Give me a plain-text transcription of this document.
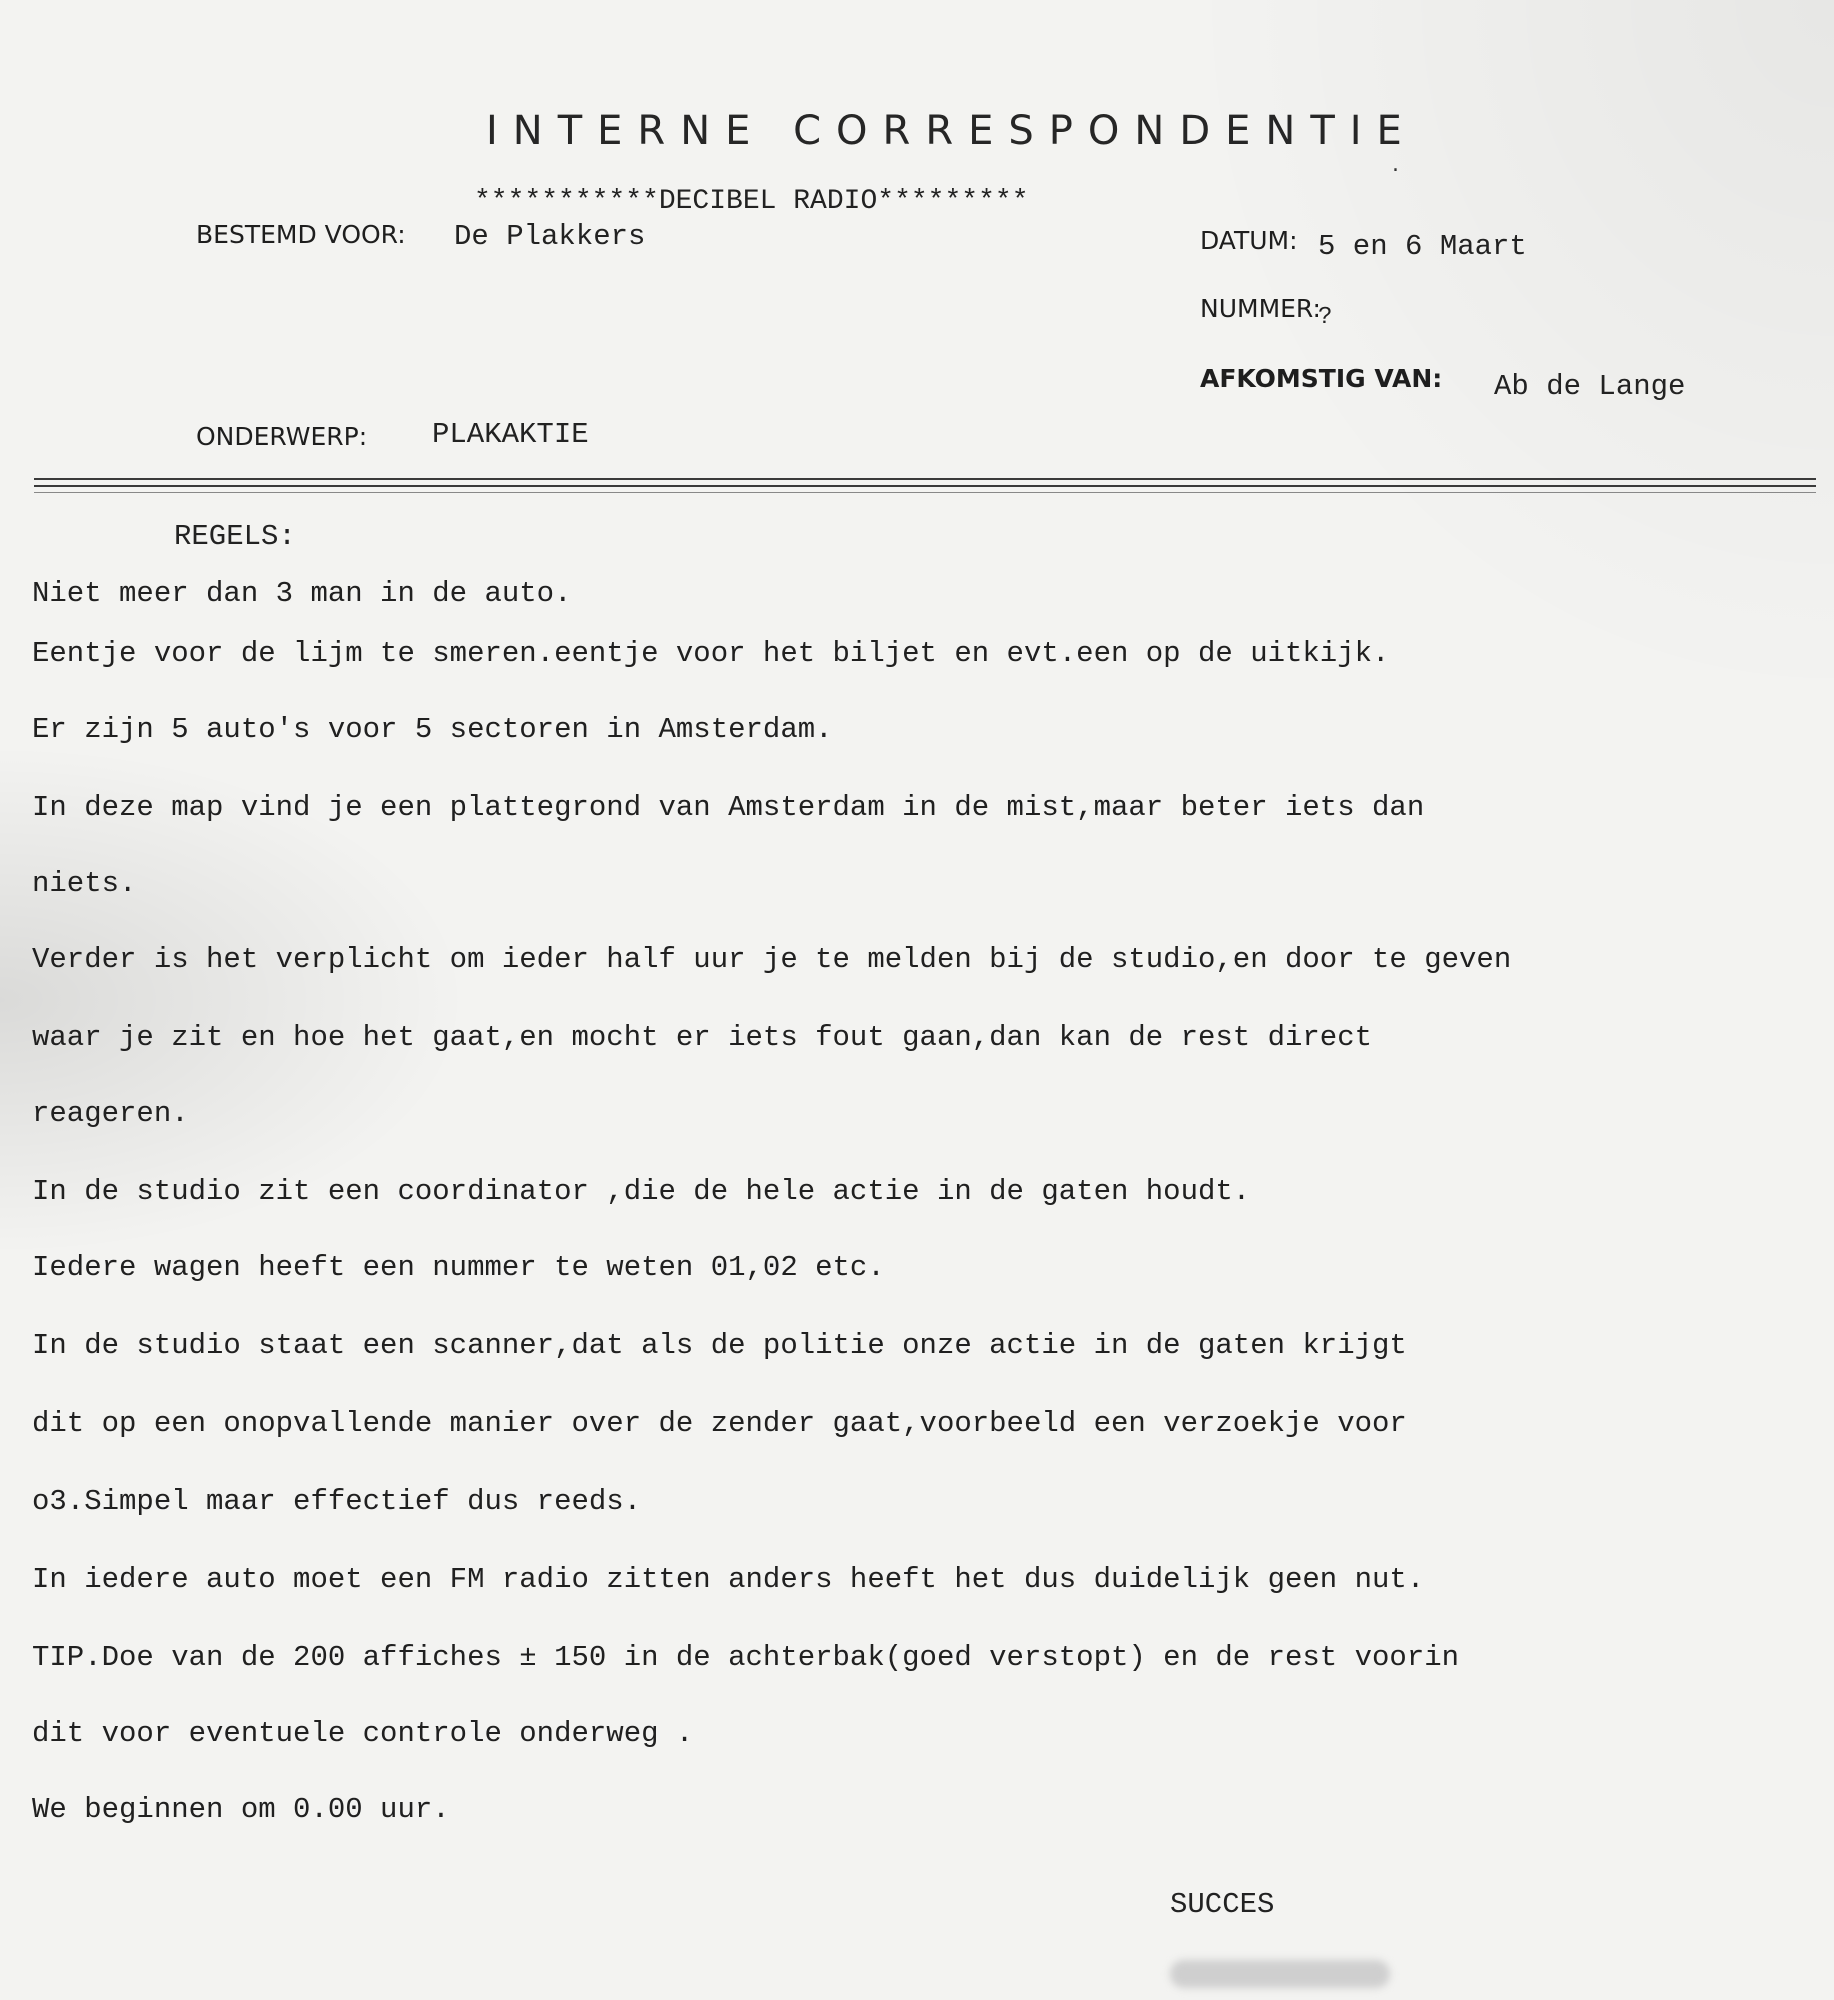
INTERNE CORRESPONDENTIE
.
***********DECIBEL RADIO*********
BESTEMD VOOR: De Plakkers	DATUM: 5 en 6 Maart
NUMMER:
?
AFKOMSTIG VAN: Ab de Lange
ONDERWERP: PLAKAKTIE
REGELS:
Niet meer dan 3 man in de auto.
Eentje voor de lijm te smeren.eentje voor het biljet en evt.een op de uitkijk.
Er zijn 5 auto's voor 5 sectoren in Amsterdam.
In deze map vind je een plattegrond van Amsterdam in de mist,maar beter iets dan
niets.
Verder is het verplicht om ieder half uur je te melden bij de studio,en door te geven
waar je zit en hoe het gaat,en mocht er iets fout gaan,dan kan de rest direct
reageren.
In de studio zit een coordinator ,die de hele actie in de gaten houdt.
Iedere wagen heeft een nummer te weten 01,02 etc.
In de studio staat een scanner,dat als de politie onze actie in de gaten krijgt
dit op een onopvallende manier over de zender gaat,voorbeeld een verzoekje voor
o3.Simpel maar effectief dus reeds.
In iedere auto moet een FM radio zitten anders heeft het dus duidelijk geen nut.
TIP.Doe van de 200 affiches ± 150 in de achterbak(goed verstopt) en de rest voorin
dit voor eventuele controle onderweg .
We beginnen om 0.00 uur.
SUCCES
